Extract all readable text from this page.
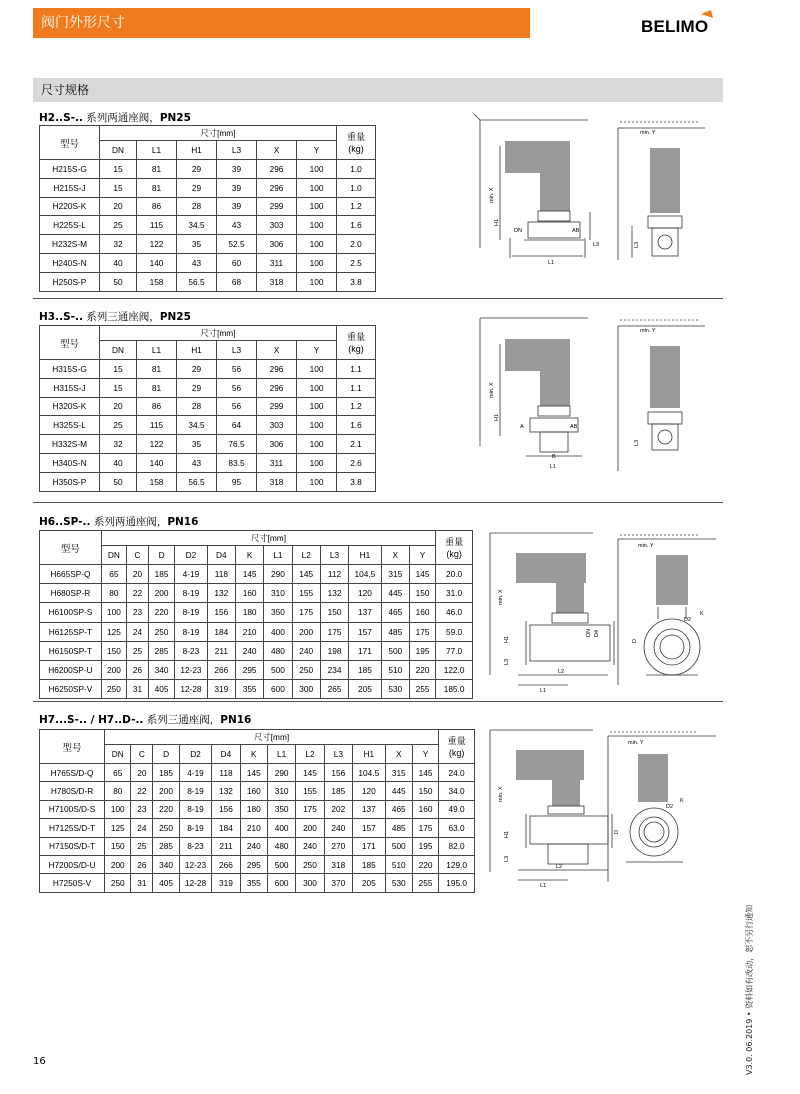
阀门外形尺寸	BELIMO
尺寸规格
H2..S-.. 系列两通座阀，PN25
型号	尺寸[mm]						重量
(kg)

	DN	L1	H1	L3	X	Y	
H215S-G	15	81	29	39	296	100	1.0
H215S-J	15	81	29	39	296	100	1.0
H220S-K	20	86	28	39	299	100	1.2
H225S-L	25	115	34.5	43	303	100	1.6
H232S-M	32	122	35	52.5	306	100	2.0
H240S-N	40	140	43	60	311	100	2.5
H250S-P	50	158	56.5	68	318	100	3.8
H3..S-.. 系列三通座阀，PN25
型号	尺寸[mm]						重量
(kg)

	DN	L1	H1	L3	X	Y	
H315S-G	15	81	29	56	296	100	1.1
H315S-J	15	81	29	56	296	100	1.1
H320S-K	20	86	28	56	299	100	1.2
H325S-L	25	115	34.5	64	303	100	1.6
H332S-M	32	122	35	76.5	306	100	2.1
H340S-N	40	140	43	83.5	311	100	2.6
H350S-P	50	158	56.5	95	318	100	3.8
H6..SP-.. 系列两通座阀，PN16
型号	尺寸[mm]												重量
(kg)

	DN	C	D	D2	D4	K	L1	L2	L3	H1	X	Y	
H665SP-Q	65	20	185	4-19	118	145	290	145	112	104.5	315	145	20.0
H680SP-R	80	22	200	8-19	132	160	310	155	132	120	445	150	31.0
H6100SP-S	100	23	220	8-19	156	180	350	175	150	137	465	160	46.0
H6125SP-T	125	24	250	8-19	184	210	400	200	175	157	485	175	59.0
H6150SP-T	150	25	285	8-23	211	240	480	240	198	171	500	195	77.0
H6200SP-U	200	26	340	12-23	266	295	500	250	234	185	510	220	122.0
H6250SP-V	250	31	405	12-28	319	355	600	300	265	205	530	255	185.0
H7...S-.. / H7..D-.. 系列三通座阀，PN16
型号	尺寸[mm]												重量
(kg)

	DN	C	D	D2	D4	K	L1	L2	L3	H1	X	Y	
H765S/D-Q	65	20	185	4-19	118	145	290	145	156	104.5	315	145	24.0
H780S/D-R	80	22	200	8-19	132	160	310	155	185	120	445	150	34.0
H7100S/D-S	100	23	220	8-19	156	180	350	175	202	137	465	160	49.0
H7125S/D-T	125	24	250	8-19	184	210	400	200	240	157	485	175	63.0
H7150S/D-T	150	25	285	8-23	211	240	480	240	270	171	500	195	82.0
H7200S/D-U	200	26	340	12-23	266	295	500	250	318	185	510	220	129.0
H7250S-V	250	31	405	12-28	319	355	600	300	370	205	530	255	195.0
min. X
min. Y
DN	AB
H1
L1
L3	L3
min. X
min. Y
A	AB
B
H1
L1
L3
min. X
min. Y
H1
L3
L2
L1
DN D4
D
D2
K
min. X
min. Y
H1
L3
L2
L1
D
D2
K
16	V3.0. 06.2019 • 资料如有改动，恕不另行通知
